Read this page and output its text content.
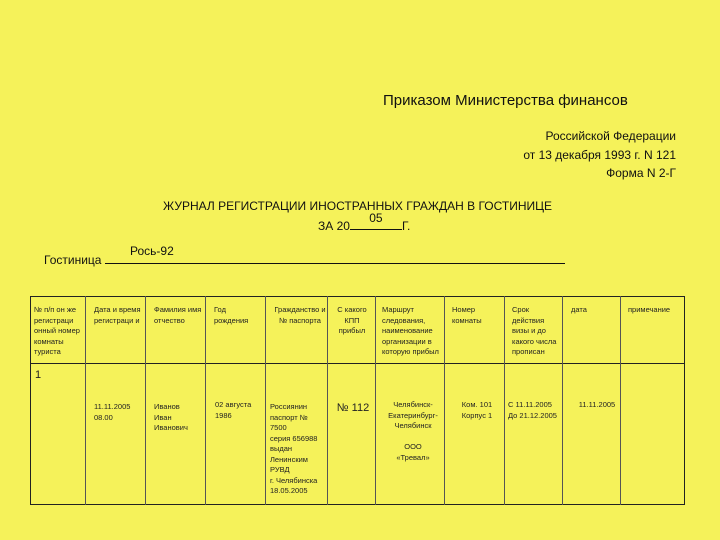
Приказом Министерства финансов
Российской Федерации
от 13 декабря 1993 г. N 121
Форма N 2-Г
ЖУРНАЛ РЕГИСТРАЦИИ ИНОСТРАННЫХ ГРАЖДАН В ГОСТИНИЦЕ
ЗА 20
05
Г.
Гостиница
Рось-92
№ п/п он же регистраци онный номер комнаты туриста
Дата и время регистраци и
Фамилия имя отчество
Год рождения
Гражданство и № паспорта
С какого КПП прибыл
Маршрут следования, наименование организации в которую прибыл
Номер комнаты
Срок действия визы и до какого числа прописан
дата	примечание
1
11.11.2005
08.00
Иванов
Иван
Иванович
02 августа
1986
Россиянин
паспорт №
7500
серия 656988
выдан
Ленинским
РУВД
г. Челябинска
18.05.2005
№ 112	Челябинск-
Екатеринбург-
Челябинск

ООО
«Тревал»
Ком. 101
Корпус 1
С 11.11.2005
До 21.12.2005
11.11.2005
